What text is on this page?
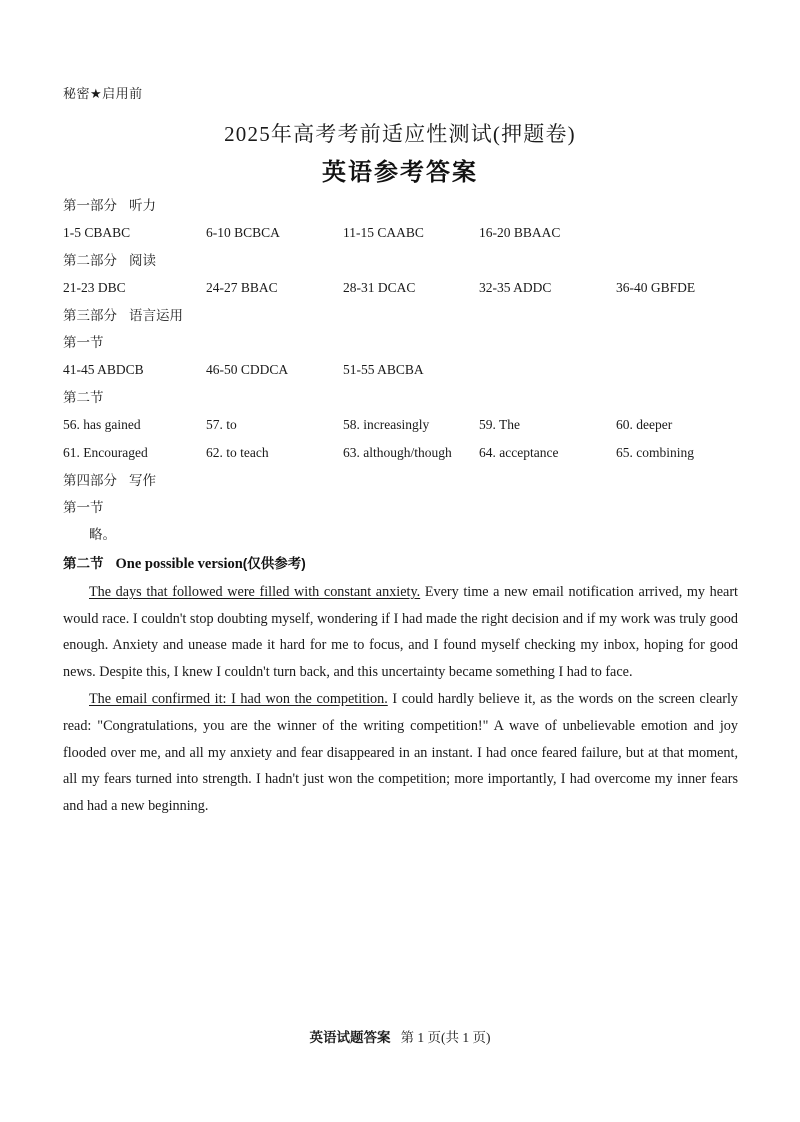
秘密★启用前
2025年高考考前适应性测试(押题卷)
英语参考答案
第一部分 听力
1-5 CBABC	6-10 BCBCA	11-15 CAABC	16-20 BBAAC
第二部分 阅读
21-23 DBC	24-27 BBAC	28-31 DCAC	32-35 ADDC	36-40 GBFDE
第三部分 语言运用
第一节
41-45 ABDCB	46-50 CDDCA	51-55 ABCBA
第二节
56. has gained	57. to	58. increasingly	59. The	60. deeper
61. Encouraged	62. to teach	63. although/though 64. acceptance	65. combining
第四部分 写作
第一节
略。
第二节 One possible version(仅供参考)

The days that followed were filled with constant anxiety. Every time a new email notification arrived, my heart would race. I couldn't stop doubting myself, wondering if I had made the right decision and if my work was truly good enough. Anxiety and unease made it hard for me to focus, and I found myself checking my inbox, hoping for good news. Despite this, I knew I couldn't turn back, and this uncertainty became something I had to face.

The email confirmed it: I had won the competition. I could hardly believe it, as the words on the screen clearly read: "Congratulations, you are the winner of the writing competition!" A wave of unbelievable emotion and joy flooded over me, and all my anxiety and fear disappeared in an instant. I had once feared failure, but at that moment, all my fears turned into strength. I hadn't just won the competition; more importantly, I had overcome my inner fears and had a new beginning.

英语试题答案 第 1 页(共 1 页)
